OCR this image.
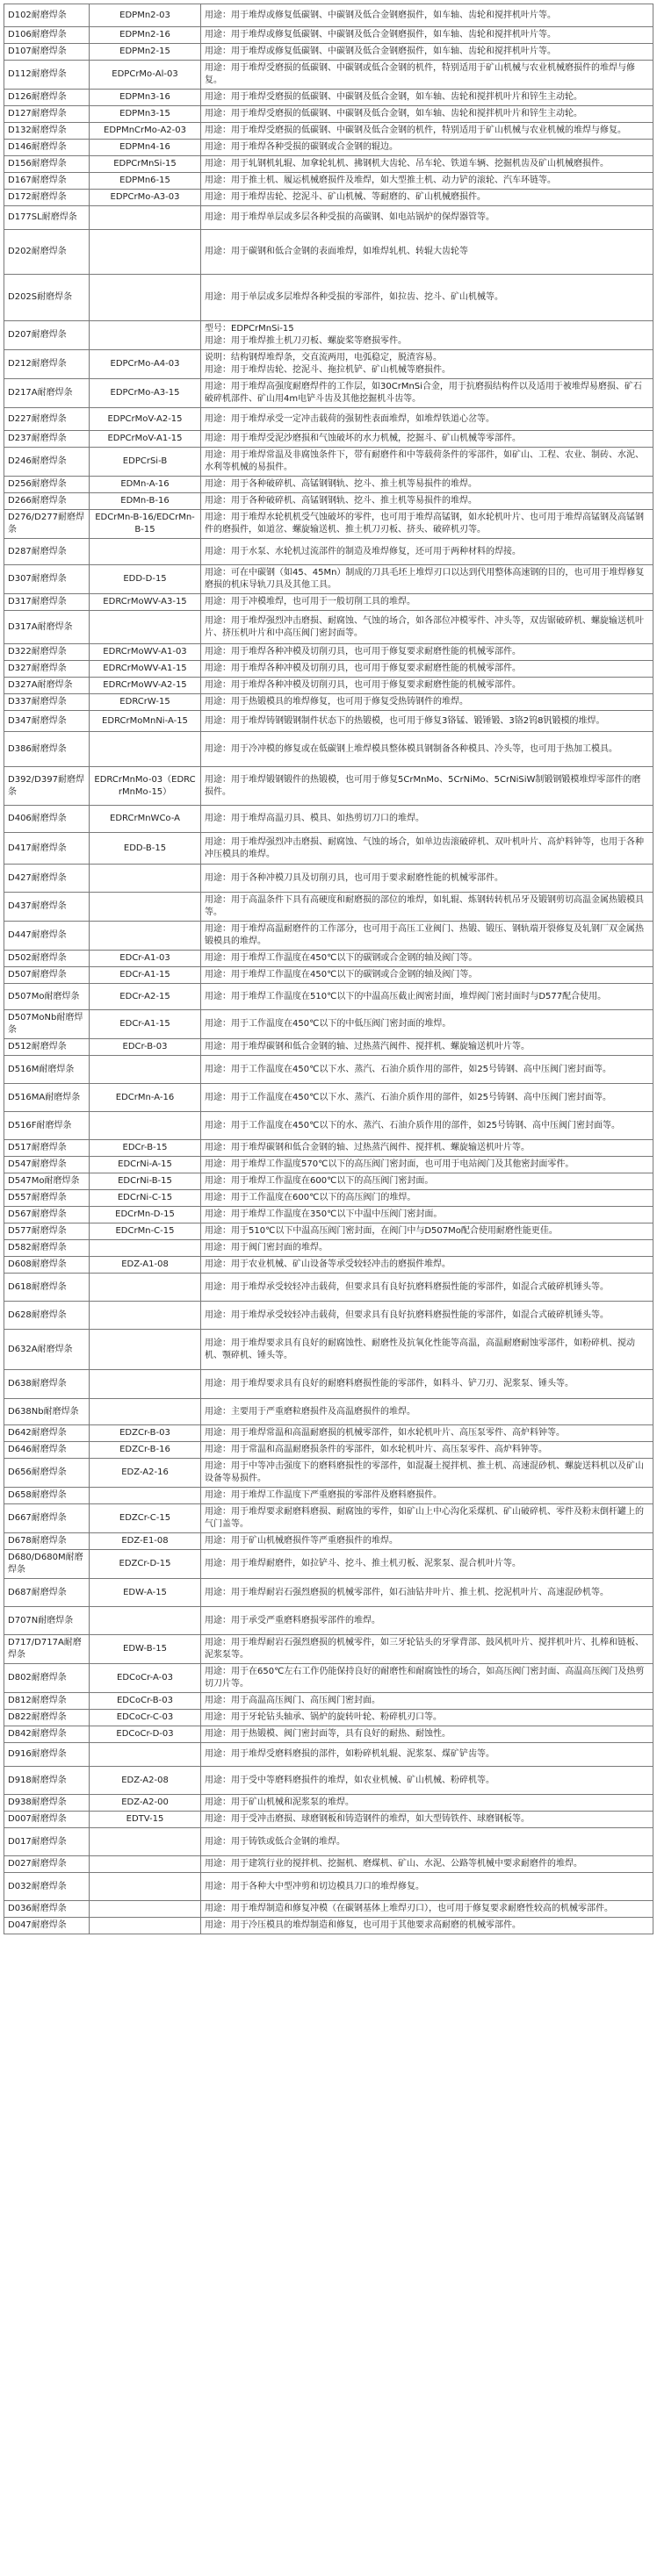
D102耐磨焊条	EDPMn2-03	用途：用于堆焊或修复低碳钢、中碳钢及低合金钢磨损件，如车轴、齿轮和搅拌机叶片等。
D106耐磨焊条	EDPMn2-16	用途：用于堆焊或修复低碳钢、中碳钢及低合金钢磨损件，如车轴、齿轮和搅拌机叶片等。
D107耐磨焊条	EDPMn2-15	用途：用于堆焊或修复低碳钢、中碳钢及低合金钢磨损件，如车轴、齿轮和搅拌机叶片等。
D112耐磨焊条	EDPCrMo-Al-03	用途：用于堆焊受磨损的低碳钢、中碳钢或低合金钢的机件，特别适用于矿山机械与农业机械磨损件的堆焊与修复。
D126耐磨焊条	EDPMn3-16	用途：用于堆焊受磨损的低碳钢、中碳钢及低合金钢，如车轴、齿轮和搅拌机叶片和锌生主动轮。
D127耐磨焊条	EDPMn3-15	用途：用于堆焊受磨损的低碳钢、中碳钢及低合金钢，如车轴、齿轮和搅拌机叶片和锌生主动轮。
D132耐磨焊条	EDPMnCrMo-A2-03	用途：用于堆焊受磨损的低碳钢、中碳钢及低合金钢的机件，特别适用于矿山机械与农业机械的堆焊与修复。
D146耐磨焊条	EDPMn4-16	用途：用于堆焊各种受损的碳钢或合金钢的辊边。
D156耐磨焊条	EDPCrMnSi-15	用途：用于轧钢机轧辊、加拿轮轧机、拂钢机大齿轮、吊车轮、铁道车辆、挖掘机齿及矿山机械磨损件。
D167耐磨焊条	EDPMn6-15	用途：用于推土机、履运机械磨损件及堆焊，如大型推土机、动力铲的滚轮、汽车环链等。
D172耐磨焊条	EDPCrMo-A3-03	用途：用于堆焊齿轮、挖泥斗、矿山机械、等耐磨的、矿山机械磨损件。
D177SL耐磨焊条		用途：用于堆焊单层或多层各种受损的高碳钢、如电站锅炉的保焊器管等。
D202耐磨焊条		用途：用于碳钢和低合金钢的表面堆焊，如堆焊轧机、转辊大齿轮等
D202S耐磨焊条		用途：用于单层或多层堆焊各种受损的零部件，如拉齿、挖斗、矿山机械等。
D207耐磨焊条		型号：EDPCrMnSi-15
用途：用于堆焊推土机刀刃板、螺旋桨等磨损零件。
D212耐磨焊条	EDPCrMo-A4-03	说明：结构钢焊堆焊条，交直流两用，电弧稳定，脱渣容易。
用途：用于堆焊齿轮、挖泥斗、拖拉机铲、矿山机械等磨损件。
D217A耐磨焊条	EDPCrMo-A3-15	用途：用于堆焊高强度耐磨焊件的工作层，如30CrMnSi合金，用于抗磨损结构件以及适用于被堆焊易磨损、矿石破碎机部件、矿山用4m电铲斗齿及其他挖掘机斗齿等。
D227耐磨焊条	EDPCrMoV-A2-15	用途：用于堆焊承受一定冲击载荷的强韧性表面堆焊，如堆焊铁道心岔等。
D237耐磨焊条	EDPCrMoV-A1-15	用途：用于堆焊受泥沙磨损和气蚀破坏的水力机械，挖掘斗、矿山机械等零部件。
D246耐磨焊条	EDPCrSi-B	用途：用于堆焊常温及非腐蚀条件下，带有耐磨件和中等载荷条件的零部件，如矿山、工程、农业、制砖、水泥、水利等机械的易损件。
D256耐磨焊条	EDMn-A-16	用途：用于各种破碎机、高锰钢钢轨、挖斗、推土机等易损件的堆焊。
D266耐磨焊条	EDMn-B-16	用途：用于各种破碎机、高锰钢钢轨、挖斗、推土机等易损件的堆焊。
D276/D277耐磨焊条	EDCrMn-B-16/EDCrMn-B-15	用途：用于堆焊水轮机机受气蚀破坏的零件，也可用于堆焊高锰钢，如水轮机叶片、也可用于堆焊高锰钢及高锰钢件的磨损件，如道岔、螺旋输送机、推土机刀刃板、挤头、破碎机刃等。
D287耐磨焊条		用途：用于水泵、水轮机过流部件的制造及堆焊修复，还可用于两种材料的焊接。
D307耐磨焊条	EDD-D-15	用途：可在中碳钢（如45、45Mn）制成的刀具毛坯上堆焊刃口以达到代用整体高速钢的目的，也可用于堆焊修复磨损的机床导轨刀具及其他工具。
D317耐磨焊条	EDRCrMoWV-A3-15	用途：用于冲模堆焊，也可用于一般切削工具的堆焊。
D317A耐磨焊条		用途：用于堆焊强烈冲击磨损、耐腐蚀、气蚀的场合，如各部位冲模零件、冲头等，双齿锯破碎机、螺旋输送机叶片、挤压机叶片和中高压阀门密封面等。
D322耐磨焊条	EDRCrMoWV-A1-03	用途：用于堆焊各种冲模及切削刃具，也可用于修复要求耐磨性能的机械零部件。
D327耐磨焊条	EDRCrMoWV-A1-15	用途：用于堆焊各种冲模及切削刃具，也可用于修复要求耐磨性能的机械零部件。
D327A耐磨焊条	EDRCrMoWV-A2-15	用途：用于堆焊各种冲模及切削刃具，也可用于修复要求耐磨性能的机械零部件。
D337耐磨焊条	EDRCrW-15	用途：用于热锻模具的堆焊修复，也可用于修复受热铸钢件的堆焊。
D347耐磨焊条	EDRCrMoMnNi-A-15	用途：用于堆焊铸钢锻钢制件状态下的热锻模，也可用于修复3铬锰、锻锤锻、3铬2钨8钒锻模的堆焊。
D386耐磨焊条		用途：用于冷冲模的修复或在低碳钢上堆焊模具整体模具钢制备各种模具、冷头等，也可用于热加工模具。
D392/D397耐磨焊条	EDRCrMnMo-03（EDRCrMnMo-15）	用途：用于堆焊锻钢锻件的热锻模，也可用于修复5CrMnMo、5CrNiMo、5CrNiSiW制锻钢锻模堆焊零部件的磨损件。
D406耐磨焊条	EDRCrMnWCo-A	用途：用于堆焊高温刃具、模具、如热剪切刀口的堆焊。
D417耐磨焊条	EDD-B-15	用途：用于堆焊强烈冲击磨损、耐腐蚀、气蚀的场合，如单边齿滚破碎机、双叶机叶片、高炉料钟等，也用于各种冲压模具的堆焊。
D427耐磨焊条		用途：用于各种冲模刀具及切削刃具，也可用于要求耐磨性能的机械零部件。
D437耐磨焊条		用途：用于高温条件下具有高硬度和耐磨损的部位的堆焊，如轧辊、炼钢转转机吊牙及锻钢剪切高温金属热锻模具等。
D447耐磨焊条		用途：用于堆焊高温耐磨件的工作部分，也可用于高压工业阀门、热锻、锻压、钢轨端开裂修复及轧钢厂双金属热锻模具的堆焊。
D502耐磨焊条	EDCr-A1-03	用途：用于堆焊工作温度在450℃以下的碳钢或合金钢的轴及阀门等。
D507耐磨焊条	EDCr-A1-15	用途：用于堆焊工作温度在450℃以下的碳钢或合金钢的轴及阀门等。
D507Mo耐磨焊条	EDCr-A2-15	用途：用于堆焊工作温度在510℃以下的中温高压截止阀密封面，堆焊阀门密封面时与D577配合使用。
D507MoNb耐磨焊条	EDCr-A1-15	用途：用于工作温度在450℃以下的中低压阀门密封面的堆焊。
D512耐磨焊条	EDCr-B-03	用途：用于堆焊碳钢和低合金钢的轴、过热蒸汽阀件、搅拌机、螺旋输送机叶片等。
D516M耐磨焊条		用途：用于工作温度在450℃以下水、蒸汽、石油介质作用的部件，如25号铸钢、高中压阀门密封面等。
D516MA耐磨焊条	EDCrMn-A-16	用途：用于工作温度在450℃以下水、蒸汽、石油介质作用的部件，如25号铸钢、高中压阀门密封面等。
D516F耐磨焊条		用途：用于工作温度在450℃以下的水、蒸汽、石油介质作用的部件，如25号铸钢、高中压阀门密封面等。
D517耐磨焊条	EDCr-B-15	用途：用于堆焊碳钢和低合金钢的轴、过热蒸汽阀件、搅拌机、螺旋输送机叶片等。
D547耐磨焊条	EDCrNi-A-15	用途：用于堆焊工作温度570℃以下的高压阀门密封面，也可用于电站阀门及其他密封面零件。
D547Mo耐磨焊条	EDCrNi-B-15	用途：用于堆焊工作温度在600℃以下的高压阀门密封面。
D557耐磨焊条	EDCrNi-C-15	用途：用于工作温度在600℃以下的高压阀门的堆焊。
D567耐磨焊条	EDCrMn-D-15	用途：用于堆焊工作温度在350℃以下中温中压阀门密封面。
D577耐磨焊条	EDCrMn-C-15	用途：用于510℃以下中温高压阀门密封面，在阀门中与D507Mo配合使用耐磨性能更佳。
D582耐磨焊条		用途：用于阀门密封面的堆焊。
D608耐磨焊条	EDZ-A1-08	用途：用于农业机械、矿山设备等承受较轻冲击的磨损件堆焊。
D618耐磨焊条		用途：用于堆焊承受较轻冲击载荷，但要求具有良好抗磨料磨损性能的零部件，如混合式破碎机锤头等。
D628耐磨焊条		用途：用于堆焊承受较轻冲击载荷，但要求具有良好抗磨料磨损性能的零部件，如混合式破碎机锤头等。
D632A耐磨焊条		用途：用于堆焊要求具有良好的耐腐蚀性、耐磨性及抗氧化性能等高温，高温耐磨耐蚀零部件，如粉碎机、搅动机、颚碎机、锤头等。
D638耐磨焊条		用途：用于堆焊要求具有良好的耐磨料磨损性能的零部件，如料斗、铲刀刃、泥浆泵、锤头等。
D638Nb耐磨焊条		用途：主要用于严重磨粒磨损件及高温磨损件的堆焊。
D642耐磨焊条	EDZCr-B-03	用途：用于堆焊常温和高温耐磨损的机械零部件，如水轮机叶片、高压泵零件、高炉料钟等。
D646耐磨焊条	EDZCr-B-16	用途：用于常温和高温耐磨损条件的零部件，如水轮机叶片、高压泵零件、高炉料钟等。
D656耐磨焊条	EDZ-A2-16	用途：用于中等冲击强度下的磨料磨损性的零部件，如混凝土搅拌机、推土机、高速混砂机、螺旋送料机以及矿山设备等易损件。
D658耐磨焊条		用途：用于堆焊工作温度下严重磨损的零部件及磨料磨损件。
D667耐磨焊条	EDZCr-C-15	用途：用于堆焊要求耐磨料磨损、耐腐蚀的零件，如矿山上中心沟化采煤机、矿山破碎机、零件及粉末倒杆罐上的气门盖等。
D678耐磨焊条	EDZ-E1-08	用途：用于矿山机械磨损件等严重磨损件的堆焊。
D680/D680M耐磨焊条	EDZCr-D-15	用途：用于堆焊耐磨件，如拉铲斗、挖斗、推土机刃板、泥浆泵、混合机叶片等。
D687耐磨焊条	EDW-A-15	用途：用于堆焊耐岩石强烈磨损的机械零部件，如石油钻井叶片、推土机、挖泥机叶片、高速混砂机等。
D707N耐磨焊条		用途：用于承受严重磨料磨损零部件的堆焊。
D717/D717A耐磨焊条	EDW-B-15	用途：用于堆焊耐岩石强烈磨损的机械零件，如三牙轮钻头的牙掌背部、鼓风机叶片、搅拌机叶片、扎棒和链板、泥浆泵等。
D802耐磨焊条	EDCoCr-A-03	用途：用于在650℃左右工作仍能保持良好的耐磨性和耐腐蚀性的场合，如高压阀门密封面、高温高压阀门及热剪切刀片等。
D812耐磨焊条	EDCoCr-B-03	用途：用于高温高压阀门、高压阀门密封面。
D822耐磨焊条	EDCoCr-C-03	用途：用于牙轮钻头轴承、锅炉的旋转叶轮、粉碎机刃口等。
D842耐磨焊条	EDCoCr-D-03	用途：用于热锻模、阀门密封面等，具有良好的耐热、耐蚀性。
D916耐磨焊条		用途：用于堆焊受磨料磨损的部件，如粉碎机轧辊、泥浆泵、煤矿铲齿等。
D918耐磨焊条	EDZ-A2-08	用途：用于受中等磨料磨损件的堆焊，如农业机械、矿山机械、粉碎机等。
D938耐磨焊条	EDZ-A2-00	用途：用于矿山机械和泥浆泵的堆焊。
D007耐磨焊条	EDTV-15	用途：用于受冲击磨损、球磨钢板和铸造钢件的堆焊，如大型铸铁件、球磨钢板等。
D017耐磨焊条		用途：用于铸铁或低合金钢的堆焊。
D027耐磨焊条		用途：用于建筑行业的搅拌机、挖掘机、磨煤机、矿山、水泥、公路等机械中要求耐磨件的堆焊。
D032耐磨焊条		用途：用于各种大中型冲剪和切边模具刀口的堆焊修复。
D036耐磨焊条		用途：用于堆焊制造和修复冲模（在碳钢基体上堆焊刃口），也可用于修复要求耐磨性较高的机械零部件。
D047耐磨焊条		用途：用于冷压模具的堆焊制造和修复，也可用于其他要求高耐磨的机械零部件。
